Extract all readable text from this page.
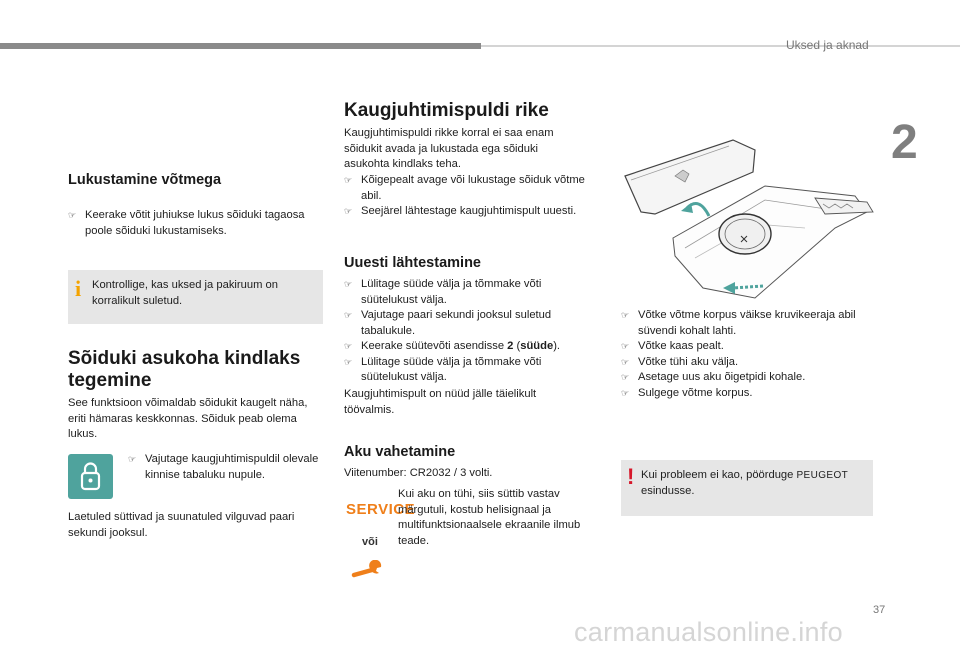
Uksed ja aknad
2
Lukustamine võtmega
☞ Keerake võtit juhiukse lukus sõiduki tagaosa poole sõiduki lukustamiseks.
i Kontrollige, kas uksed ja pakiruum on korralikult suletud.

Sõiduki asukoha kindlaks tegemine

See funktsioon võimaldab sõidukit kaugelt näha, eriti hämaras keskkonnas. Sõiduk peab olema lukus.

☞ Vajutage kaugjuhtimispuldil olevale kinnise tabaluku nupule.

Laetuled süttivad ja suunatuled vilguvad paari sekundi jooksul.

Kaugjuhtimispuldi rike

Kaugjuhtimispuldi rikke korral ei saa enam sõidukit avada ja lukustada ega sõiduki asukohta kindlaks teha.

☞ Kõigepealt avage või lukustage sõiduk võtme abil.
☞ Seejärel lähtestage kaugjuhtimispult uuesti.
Uuesti lähtestamine
☞ Lülitage süüde välja ja tõmmake võti süütelukust välja.
☞ Vajutage paari sekundi jooksul suletud tabalukule.
☞ Keerake süütevõti asendisse 2 (süüde).
☞ Lülitage süüde välja ja tõmmake võti süütelukust välja.

Kaugjuhtimispult on nüüd jälle täielikult töövalmis.

Aku vahetamine

Viitenumber: CR2032 / 3 volti.

SERVICE
või

Kui aku on tühi, siis süttib vastav märgutuli, kostub helisignaal ja multifunktsionaalsele ekraanile ilmub teade.

☞ Võtke võtme korpus väikse kruvikeeraja abil süvendi kohalt lahti.
☞ Võtke kaas pealt.
☞ Võtke tühi aku välja.
☞ Asetage uus aku õigetpidi kohale.
☞ Sulgege võtme korpus.
! Kui probleem ei kao, pöörduge PEUGEOT esindusse.

37
carmanualsonline.info
